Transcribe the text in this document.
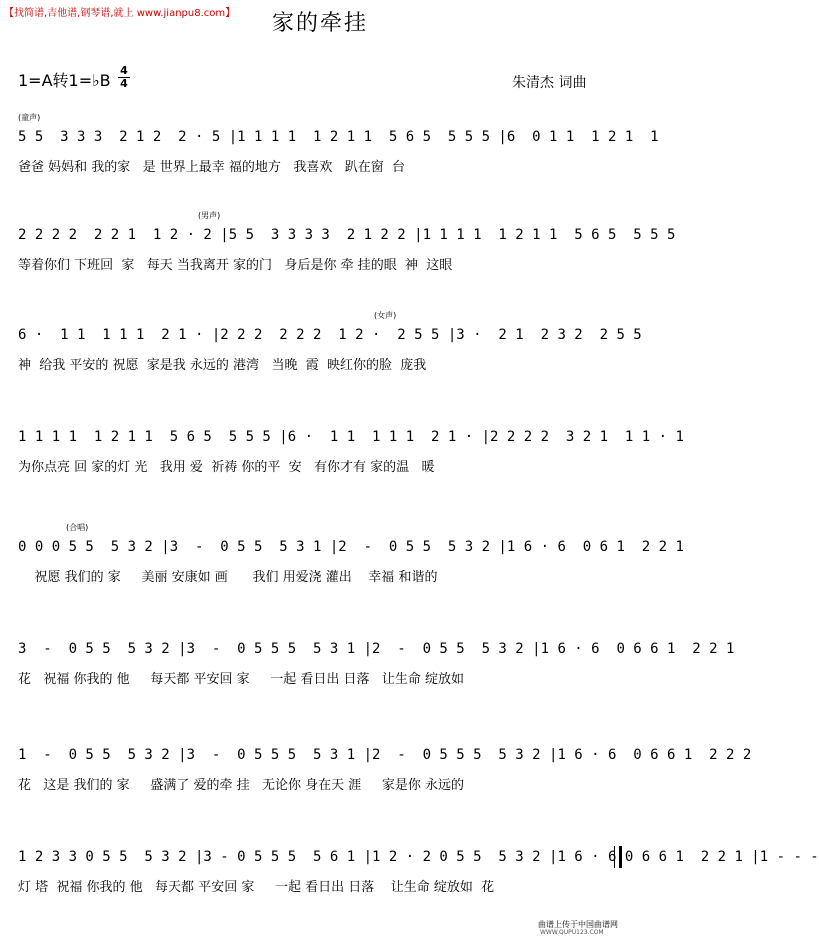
【找简谱,吉他谱,钢琴谱,就上 www.jianpu8.com】	家的牵挂
1=A转1=♭B
4
4	朱清杰 词曲
5 5  3 3 3  2 1 2  2 · 5 |1 1 1 1  1 2 1 1  5 6 5  5 5 5 |6  0 1 1  1 2 1  1
爸爸 妈妈和 我的家   是 世界上最幸 福的地方   我喜欢   趴在窗  台
(童声)
2 2 2 2  2 2 1  1 2 · 2 |5 5  3 3 3 3  2 1 2 2 |1 1 1 1  1 2 1 1  5 6 5  5 5 5
等着你们 下班回  家   每天 当我离开 家的门   身后是你 牵 挂的眼  神  这眼
(男声)
6 ·  1 1  1 1 1  2 1 · |2 2 2  2 2 2  1 2 ·  2 5 5 |3 ·  2 1  2 3 2  2 5 5
神  给我 平安的 祝愿  家是我 永远的 港湾   当晚  霞  映红你的脸  庞我
(女声)
1 1 1 1  1 2 1 1  5 6 5  5 5 5 |6 ·  1 1  1 1 1  2 1 · |2 2 2 2  3 2 1  1 1 · 1
为你点亮 回 家的灯 光   我用 爱  祈祷 你的平  安   有你才有 家的温   暖
0 0 0 5 5  5 3 2 |3  -  0 5 5  5 3 1 |2  -  0 5 5  5 3 2 |1 6 · 6  0 6 1  2 2 1
祝愿 我们的 家     美丽 安康如 画      我们 用爱浇 灌出    幸福 和谐的
(合唱)
3  -  0 5 5  5 3 2 |3  -  0 5 5 5  5 3 1 |2  -  0 5 5  5 3 2 |1 6 · 6  0 6 6 1  2 2 1
花   祝福 你我的 他     每天都 平安回 家     一起 看日出 日落   让生命 绽放如
1  -  0 5 5  5 3 2 |3  -  0 5 5 5  5 3 1 |2  -  0 5 5 5  5 3 2 |1 6 · 6  0 6 6 1  2 2 2
花   这是 我们的 家     盛满了 爱的牵 挂   无论你 身在天 涯     家是你 永远的
1 2 3 3 0 5 5  5 3 2 |3 - 0 5 5 5  5 6 1 |1 2 · 2 0 5 5  5 3 2 |1 6 · 6 0 6 6 1  2 2 1 |1 - - -
灯 塔  祝福 你我的 他   每天都 平安回 家     一起 看日出 日落    让生命 绽放如  花
曲谱上传于中国曲谱网
WWW.QUPU123.COM
